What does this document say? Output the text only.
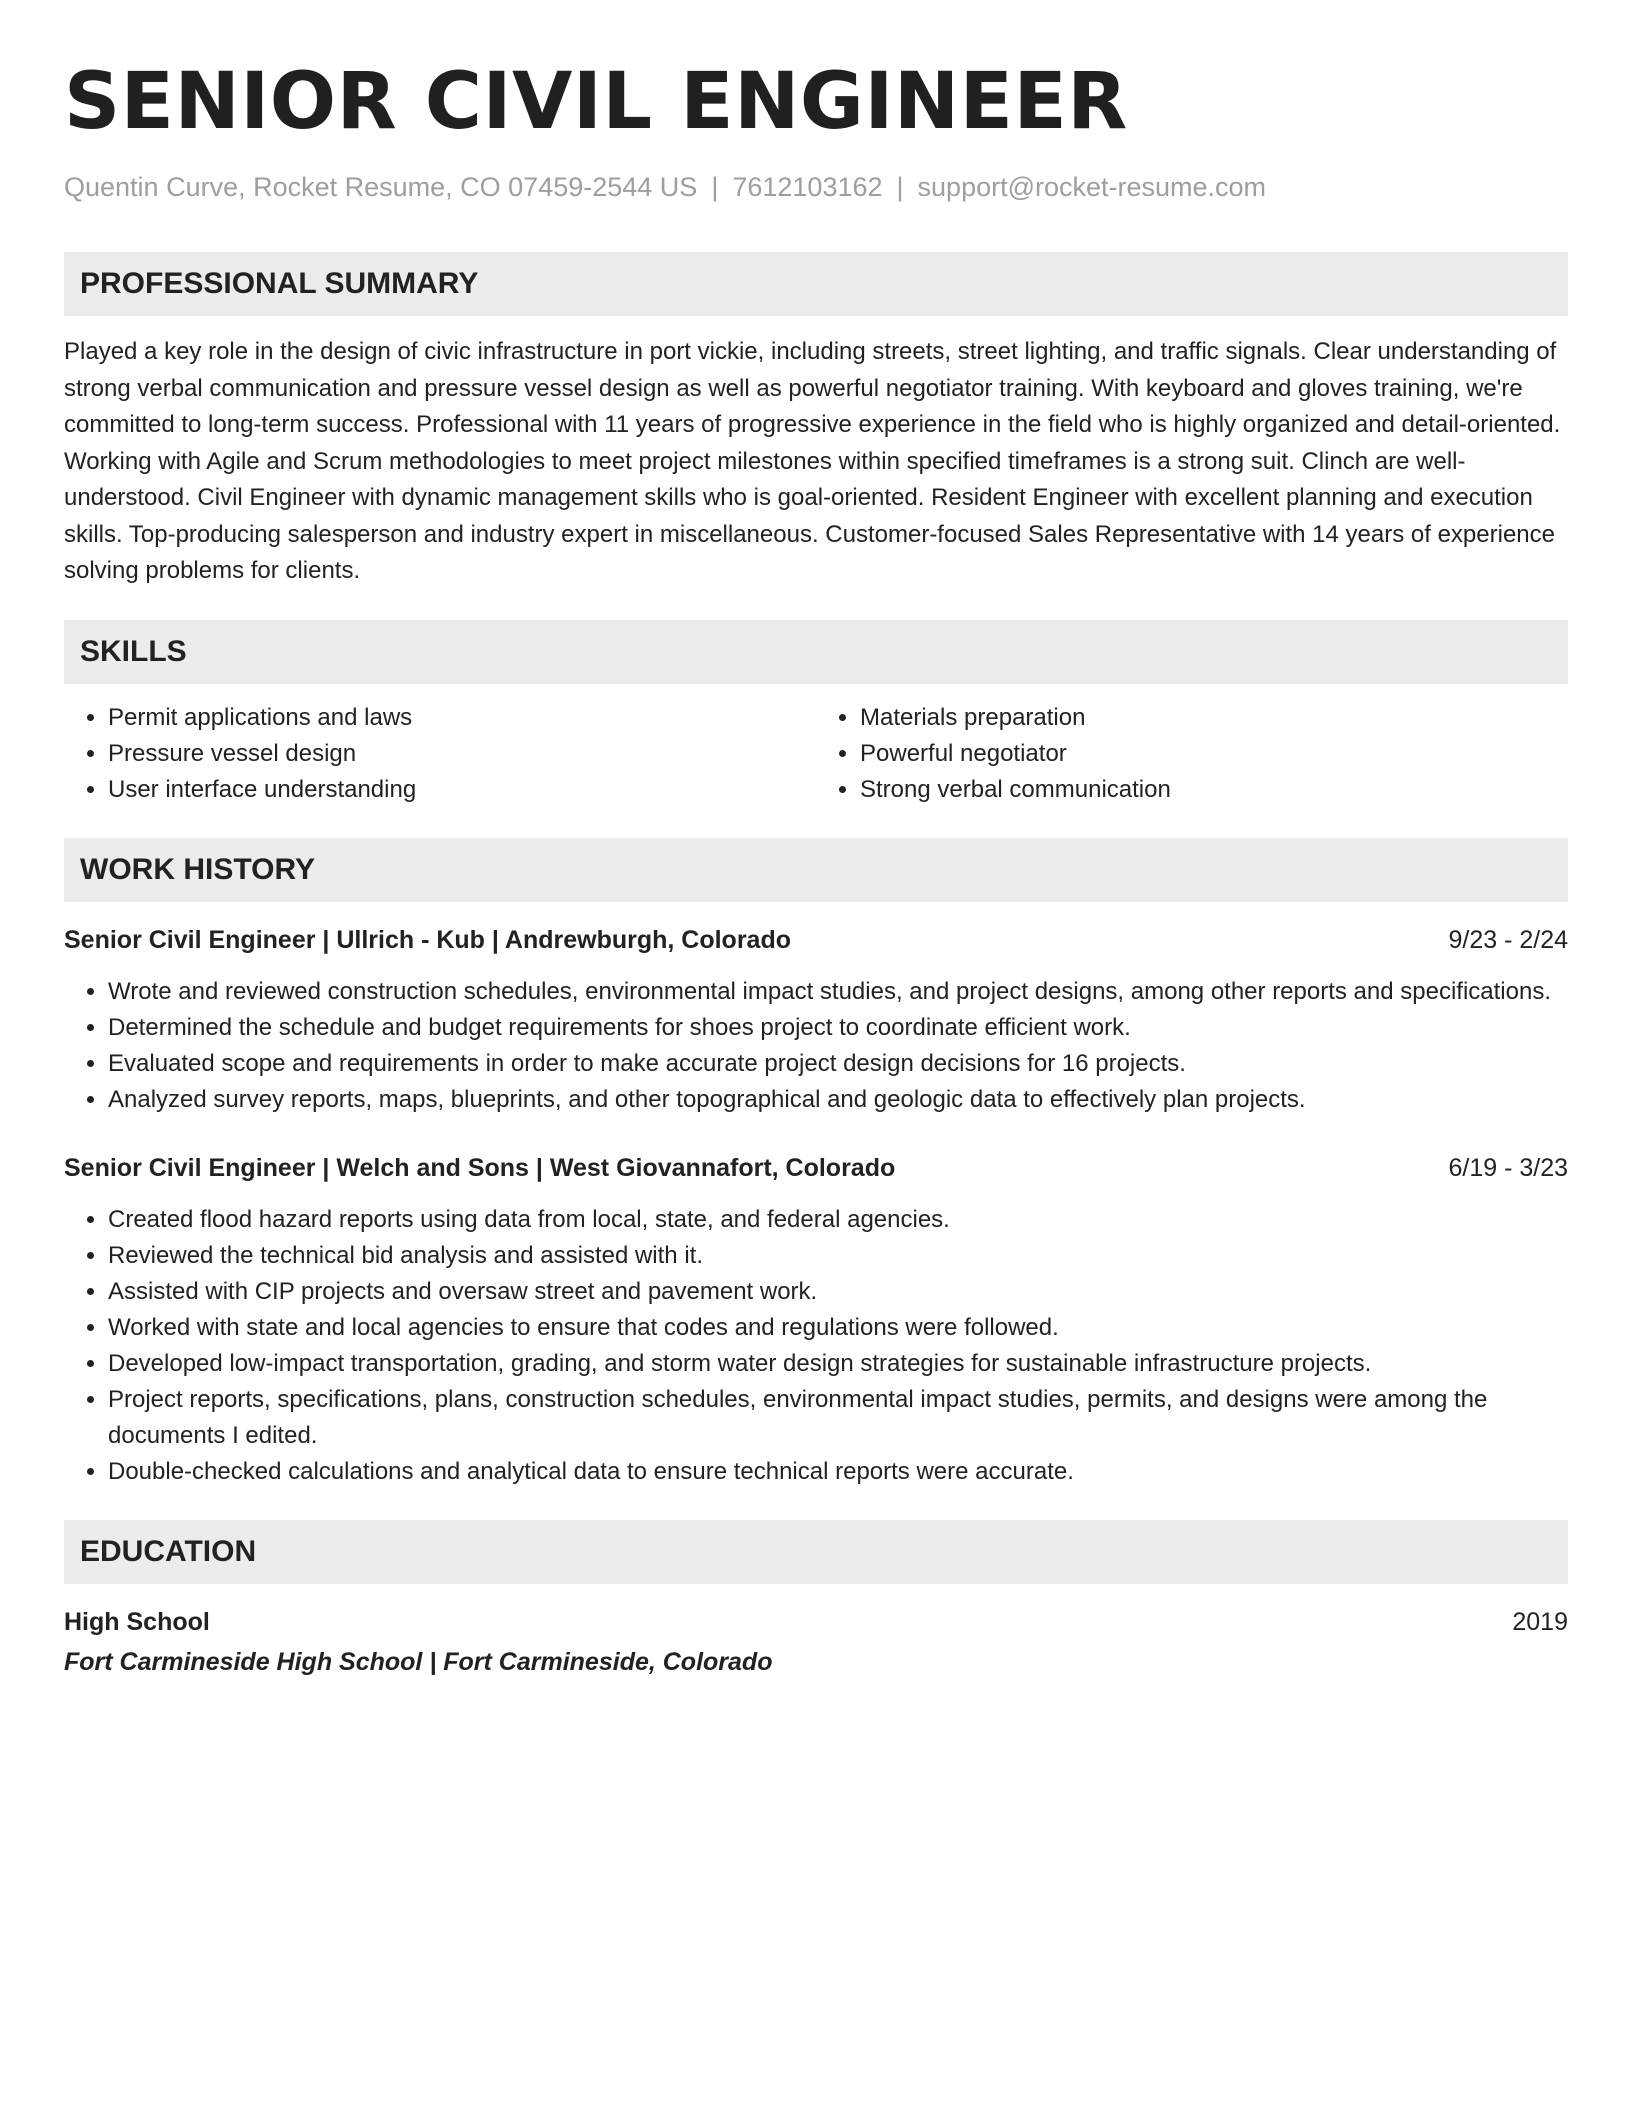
SENIOR CIVIL ENGINEER
Quentin Curve, Rocket Resume, CO 07459-2544 US | 7612103162 | support@rocket-resume.com
PROFESSIONAL SUMMARY

Played a key role in the design of civic infrastructure in port vickie, including streets, street lighting, and traffic signals. Clear understanding of strong verbal communication and pressure vessel design as well as powerful negotiator training. With keyboard and gloves training, we're committed to long-term success. Professional with 11 years of progressive experience in the field who is highly organized and detail-oriented. Working with Agile and Scrum methodologies to meet project milestones within specified timeframes is a strong suit. Clinch are well-understood. Civil Engineer with dynamic management skills who is goal-oriented. Resident Engineer with excellent planning and execution skills. Top-producing salesperson and industry expert in miscellaneous. Customer-focused Sales Representative with 14 years of experience solving problems for clients.

SKILLS
• Permit applications and laws
• Pressure vessel design
• User interface understanding
• Materials preparation
• Powerful negotiator
• Strong verbal communication
WORK HISTORY
Senior Civil Engineer | Ullrich - Kub | Andrewburgh, Colorado	9/23 - 2/24
• Wrote and reviewed construction schedules, environmental impact studies, and project designs, among other reports and specifications.
• Determined the schedule and budget requirements for shoes project to coordinate efficient work.
• Evaluated scope and requirements in order to make accurate project design decisions for 16 projects.
• Analyzed survey reports, maps, blueprints, and other topographical and geologic data to effectively plan projects.
Senior Civil Engineer | Welch and Sons | West Giovannafort, Colorado	6/19 - 3/23
• Created flood hazard reports using data from local, state, and federal agencies.
• Reviewed the technical bid analysis and assisted with it.
• Assisted with CIP projects and oversaw street and pavement work.
• Worked with state and local agencies to ensure that codes and regulations were followed.
• Developed low-impact transportation, grading, and storm water design strategies for sustainable infrastructure projects.
• Project reports, specifications, plans, construction schedules, environmental impact studies, permits, and designs were among the documents I edited.
• Double-checked calculations and analytical data to ensure technical reports were accurate.
EDUCATION
High School	2019
Fort Carmineside High School | Fort Carmineside, Colorado
